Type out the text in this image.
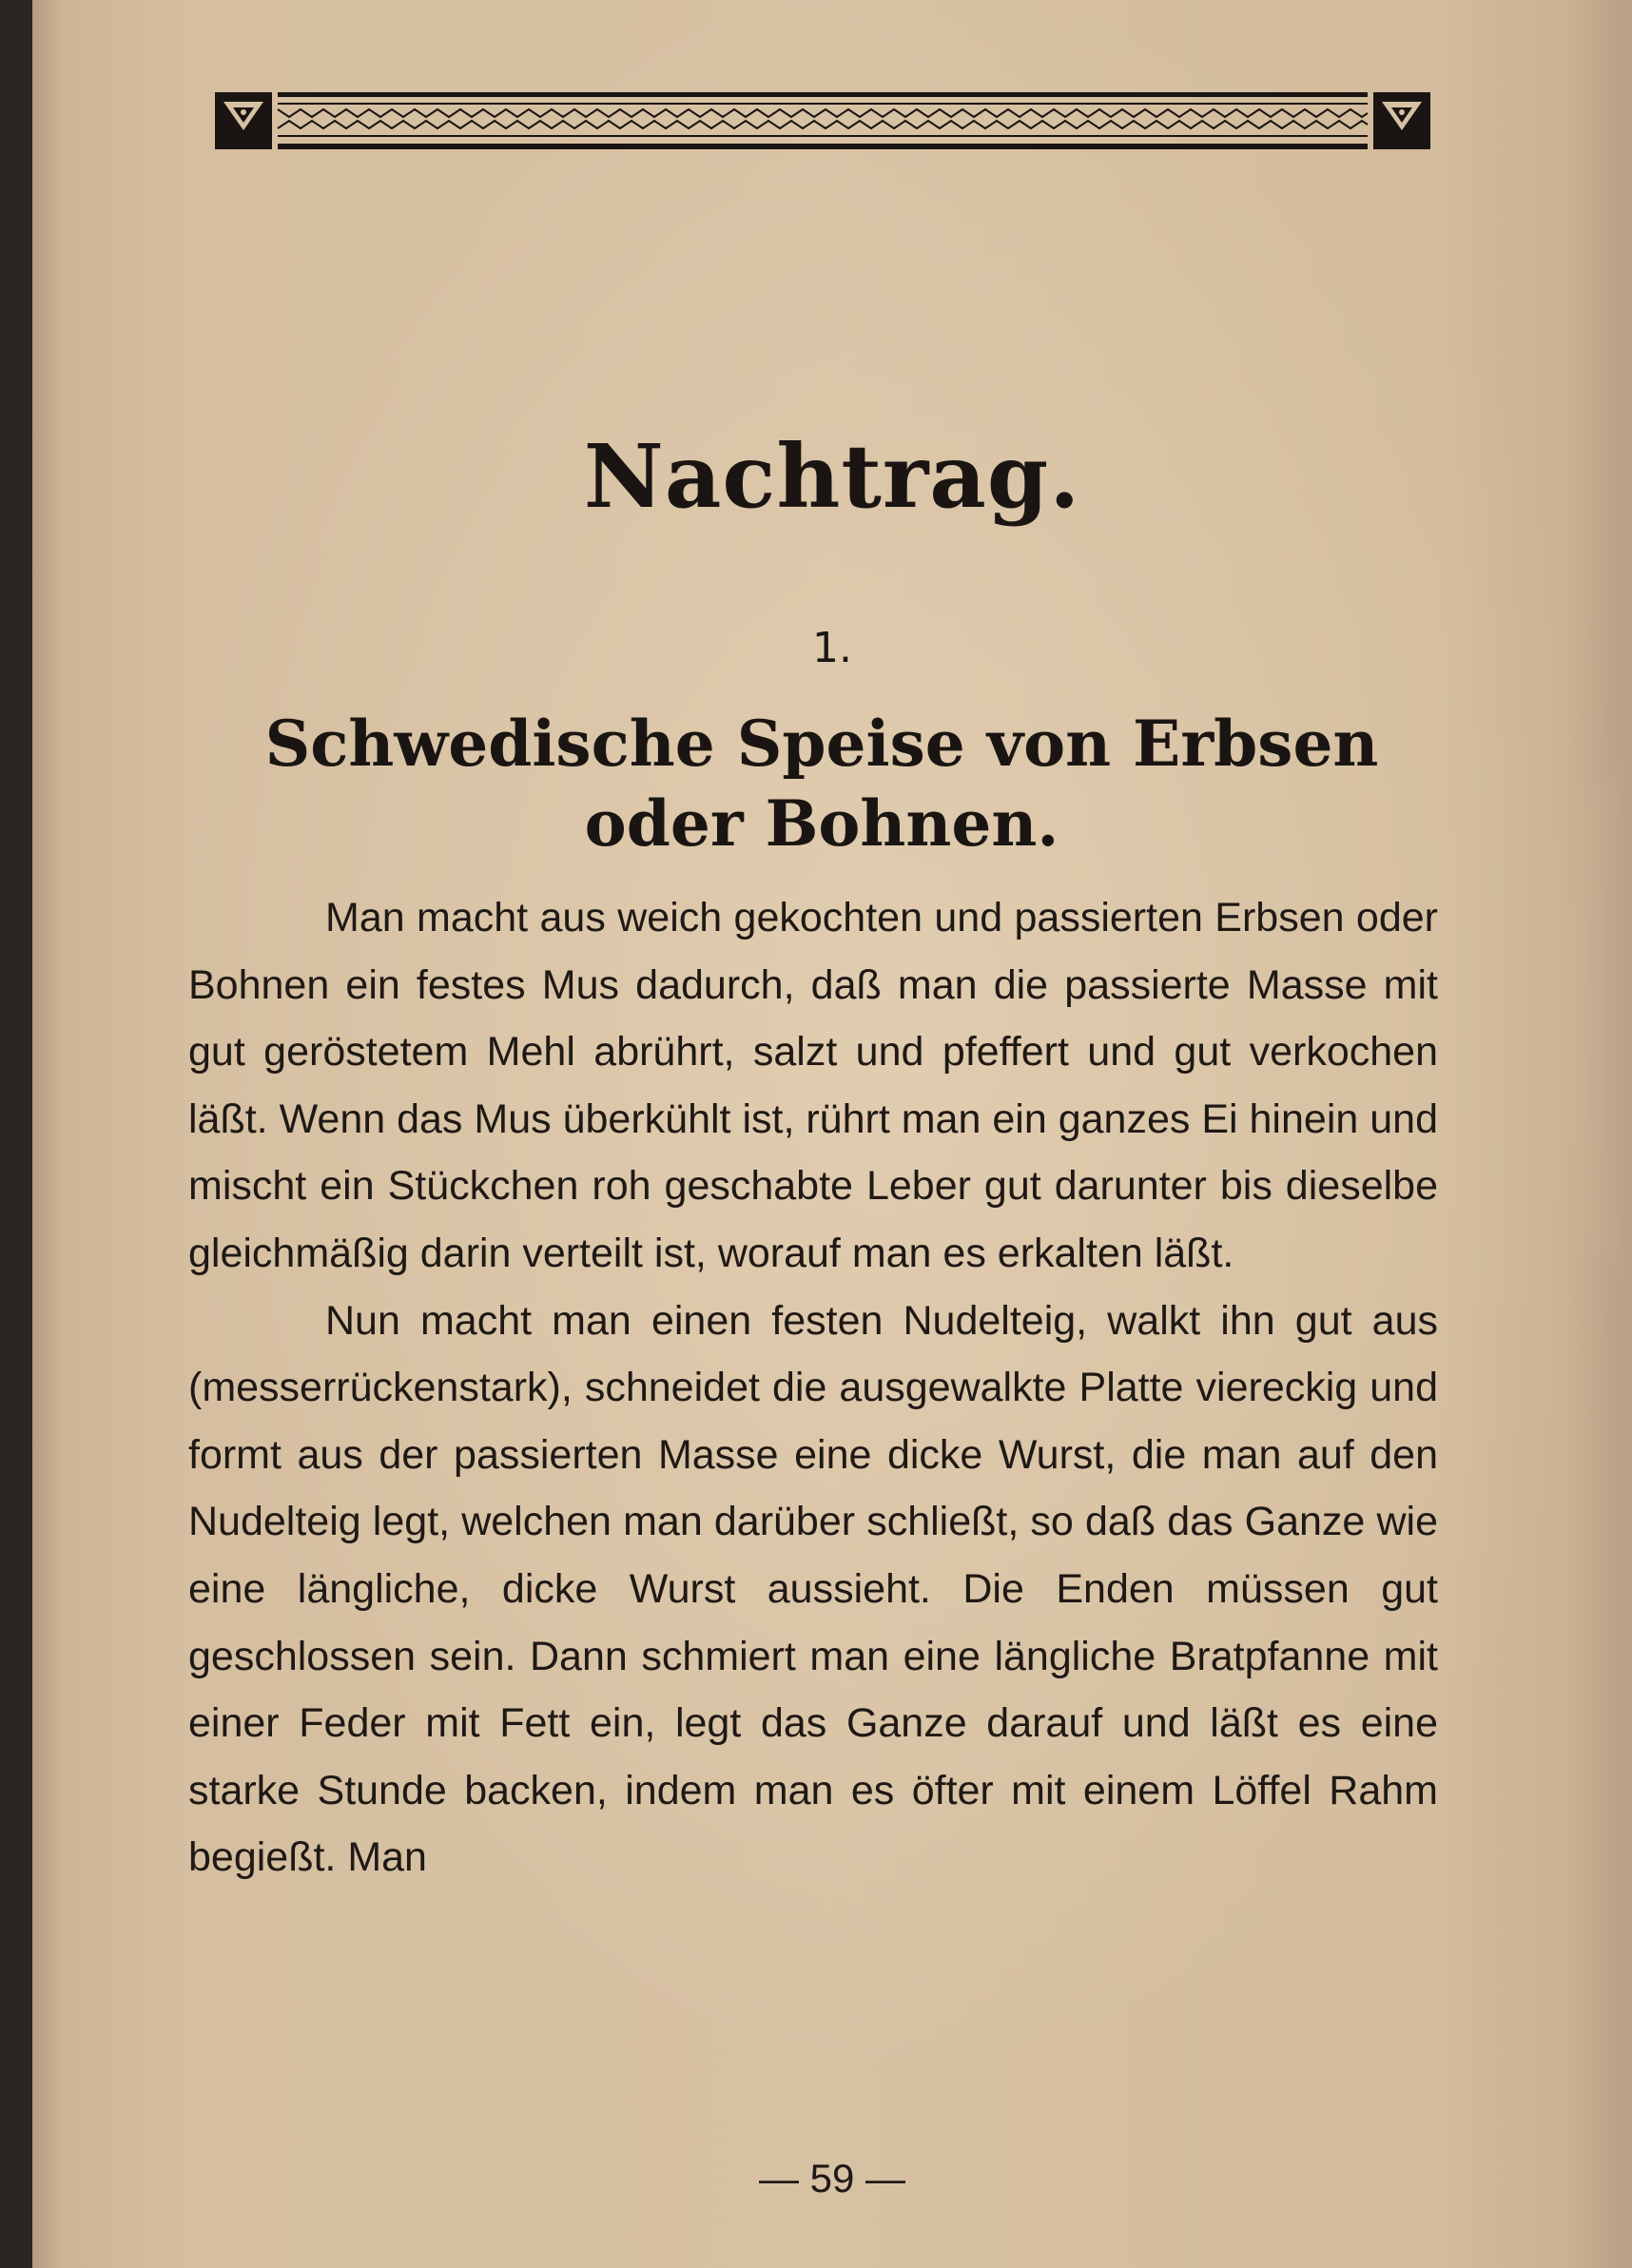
Nachtrag.
1.
Schwedische Speise von Erbsen oder Bohnen.

Man macht aus weich gekochten und passierten Erbsen oder Bohnen ein festes Mus dadurch, daß man die passierte Masse mit gut geröstetem Mehl abrührt, salzt und pfeffert und gut verkochen läßt. Wenn das Mus überkühlt ist, rührt man ein ganzes Ei hinein und mischt ein Stückchen roh geschabte Leber gut darunter bis dieselbe gleichmäßig darin verteilt ist, worauf man es erkalten läßt.

Nun macht man einen festen Nudelteig, walkt ihn gut aus (messerrückenstark), schneidet die ausgewalkte Platte viereckig und formt aus der passierten Masse eine dicke Wurst, die man auf den Nudelteig legt, welchen man darüber schließt, so daß das Ganze wie eine längliche, dicke Wurst aussieht. Die Enden müssen gut geschlossen sein. Dann schmiert man eine längliche Bratpfanne mit einer Feder mit Fett ein, legt das Ganze darauf und läßt es eine starke Stunde backen, indem man es öfter mit einem Löffel Rahm begießt. Man

— 59 —
